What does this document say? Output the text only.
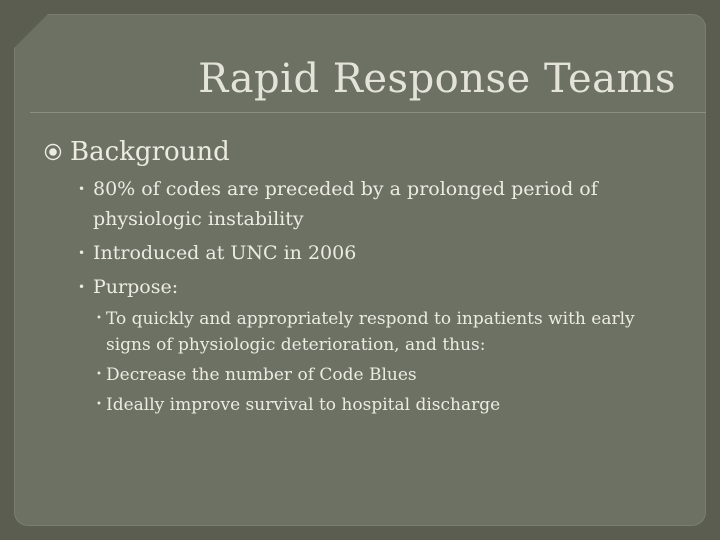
Rapid Response Teams
Background
• 80% of codes are preceded by a prolonged period of physiologic instability
• Introduced at UNC in 2006
• Purpose:
• To quickly and appropriately respond to inpatients with early signs of physiologic deterioration, and thus:
• Decrease the number of Code Blues
• Ideally improve survival to hospital discharge
